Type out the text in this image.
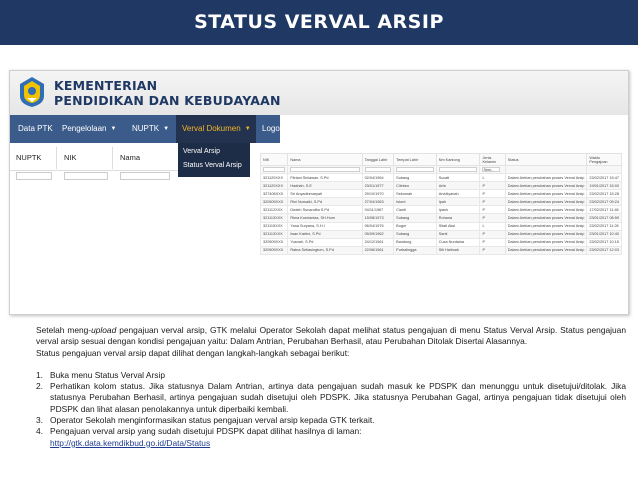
STATUS VERVAL ARSIP
KEMENTERIAN
PENDIDIKAN DAN KEBUDAYAAN
Data PTK Pengelolaan ▼ NUPTK ▼	Verval Dokumen ▼	Logout
NUPTK	NIK	Nama
Verval Arsip
Status Verval Arsip
NIK	Nama	Tanggal Lahir	Tempat Lahir	Nm Kantong	Jenis Kelamin	Status	Waktu Pengajuan

					Sem..		

321120XXX	Fitriani Sinlawan, S.Pd	02/04/1964	Subang	Sucati	L	Dalam Antrian perubahan proses Verval Arsip	23/02/2017 15:47
321120XXX	Hadriah, S.E	23/01/1977	Cilebeu	Arfa	P	Dalam Antrian perubahan proses Verval Arsip	19/01/2017 15:00
327406XXX	Sri Anyadinmaryati	29/10/1970	Sekumah	Arvidiyanah	P	Dalam Antrian perubahan proses Verval Arsip	23/02/2017 15:28
320509XXX	Rini Nursaiki, S.Pd	27/04/1963	Islord	Ipah	P	Dalam Antrian perubahan proses Verval Arsip	23/02/2017 09:24
321112XXX	Dedeh Sunandita S.Pd	04/11/1967	Cianti	Ipash	P	Dalam Antrian perubahan proses Verval Arsip	17/02/2017 11:46
321113XXX	Rima Kurniantas, SH.Hum	15/08/1973	Subang	Rohana	P	Dalam Antrian perubahan proses Verval Arsip	23/01/2017 08:59
321115XXX	Yana Suryana, S.H.I	06/04/1976	Bogor	Sitati Aksi	L	Dalam Antrian perubahan proses Verval Arsip	23/02/2017 11:26
321113XXX	Iwan Kartini, S.Pd	05/09/1962	Subang	Santi	P	Dalam Antrian perubahan proses Verval Arsip	23/01/2017 10:40
320509XXX	Yusnah, S.Pd	24/12/1961	Bandung	Cuca Nurdaina	P	Dalam Antrian perubahan proses Verval Arsip	23/02/2017 10:15
320509XXX	Ratna Setiasingtum, S.Pd	22/06/1961	Purbalingga	Siti Halimah	P	Dalam Antrian perubahan proses Verval Arsip	23/02/2017 12:03

Setelah meng-upload pengajuan verval arsip, GTK melalui Operator Sekolah dapat melihat status pengajuan di menu Status Verval Arsip. Status pengajuan verval arsip sesuai dengan kondisi pengajuan yaitu: Dalam Antrian, Perubahan Berhasil, atau Perubahan Ditolak Disertai Alasannya.

Status pengajuan verval arsip dapat dilihat dengan langkah-langkah sebagai berikut:

1. Buka menu Status Verval Arsip
2. Perhatikan kolom status. Jika statusnya Dalam Antrian, artinya data pengajuan sudah masuk ke PDSPK dan menunggu untuk disetujui/ditolak. Jika statusnya Perubahan Berhasil, artinya pengajuan sudah disetujui oleh PDSPK. Jika statusnya Perubahan Gagal, artinya pengajuan tidak disetujui oleh PDSPK dan lihat alasan penolakannya untuk diperbaiki kembali.
3. Operator Sekolah menginformasikan status pengajuan verval arsip kepada GTK terkait.
4. Pengajuan verval arsip yang sudah disetujui PDSPK dapat dilihat hasilnya di laman:
http://gtk.data.kemdikbud.go.id/Data/Status
